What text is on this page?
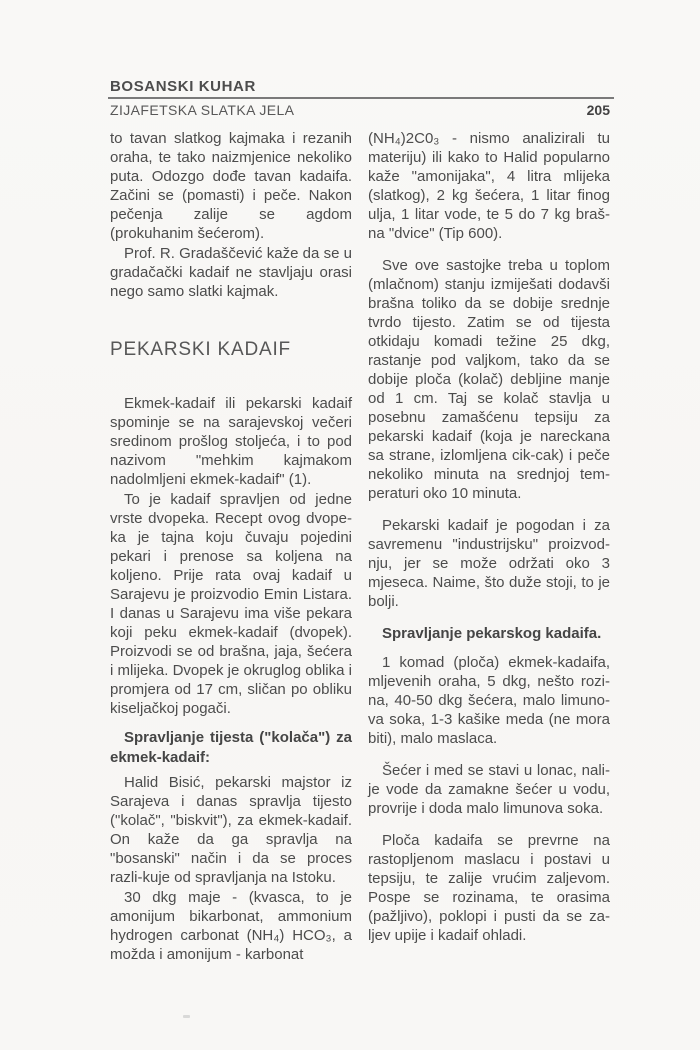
BOSANSKI KUHAR
ZIJAFETSKA SLATKA JELA	205

to tavan slatkog kajmaka i rezanih oraha, te tako naizmjenice nekoliko puta. Odozgo dođe tavan kadaifa. Začini se (pomasti) i peče. Nakon pečenja zalije se agdom (prokuhanim šećerom).

Prof. R. Gradaščević kaže da se u gradačački kadaif ne stavljaju orasi nego samo slatki kajmak.

PEKARSKI KADAIF

Ekmek-kadaif ili pekarski kadaif spominje se na sarajevskoj večeri sredinom prošlog stoljeća, i to pod nazivom "mehkim kajmakom nadolmljeni ekmek-kadaif" (1).

To je kadaif spravljen od jedne vrste dvopeka. Recept ovog dvope-ka je tajna koju čuvaju pojedini pekari i prenose sa koljena na koljeno. Prije rata ovaj kadaif u Sarajevu je proizvodio Emin Listara. I danas u Sarajevu ima više pekara koji peku ekmek-kadaif (dvopek). Proizvodi se od brašna, jaja, šećera i mlijeka. Dvopek je okruglog oblika i promjera od 17 cm, sličan po obliku kiseljačkoj pogači.

Spravljanje tijesta ("kolača") za ekmek-kadaif:

Halid Bisić, pekarski majstor iz Sarajeva i danas spravlja tijesto ("kolač", "biskvit"), za ekmek-kadaif. On kaže da ga spravlja na "bosanski" način i da se proces razli-kuje od spravljanja na Istoku.

30 dkg maje - (kvasca, to je amonijum bikarbonat, ammonium hydrogen carbonat (NH₄) HCO₃, a možda i amonijum - karbonat

(NH₄)2C0₃ - nismo analizirali tu materiju) ili kako to Halid popularno kaže "amonijaka", 4 litra mlijeka (slatkog), 2 kg šećera, 1 litar finog ulja, 1 litar vode, te 5 do 7 kg braš-na "dvice" (Tip 600).

Sve ove sastojke treba u toplom (mlačnom) stanju izmiješati dodavši brašna toliko da se dobije srednje tvrdo tijesto. Zatim se od tijesta otkidaju komadi težine 25 dkg, rastanje pod valjkom, tako da se dobije ploča (kolač) debljine manje od 1 cm. Taj se kolač stavlja u posebnu zamašćenu tepsiju za pekarski kadaif (koja je nareckana sa strane, izlomljena cik-cak) i peče nekoliko minuta na srednjoj tem-peraturi oko 10 minuta.

Pekarski kadaif je pogodan i za savremenu "industrijsku" proizvod-nju, jer se može održati oko 3 mjeseca. Naime, što duže stoji, to je bolji.

Spravljanje pekarskog kadaifa.

1 komad (ploča) ekmek-kadaifa, mljevenih oraha, 5 dkg, nešto rozi-na, 40-50 dkg šećera, malo limuno-va soka, 1-3 kašike meda (ne mora biti), malo maslaca.

Šećer i med se stavi u lonac, nali-je vode da zamakne šećer u vodu, provrije i doda malo limunova soka.

Ploča kadaifa se prevrne na rastopljenom maslacu i postavi u tepsiju, te zalije vrućim zaljevom. Pospe se rozinama, te orasima (pažljivo), poklopi i pusti da se za-ljev upije i kadaif ohladi.
